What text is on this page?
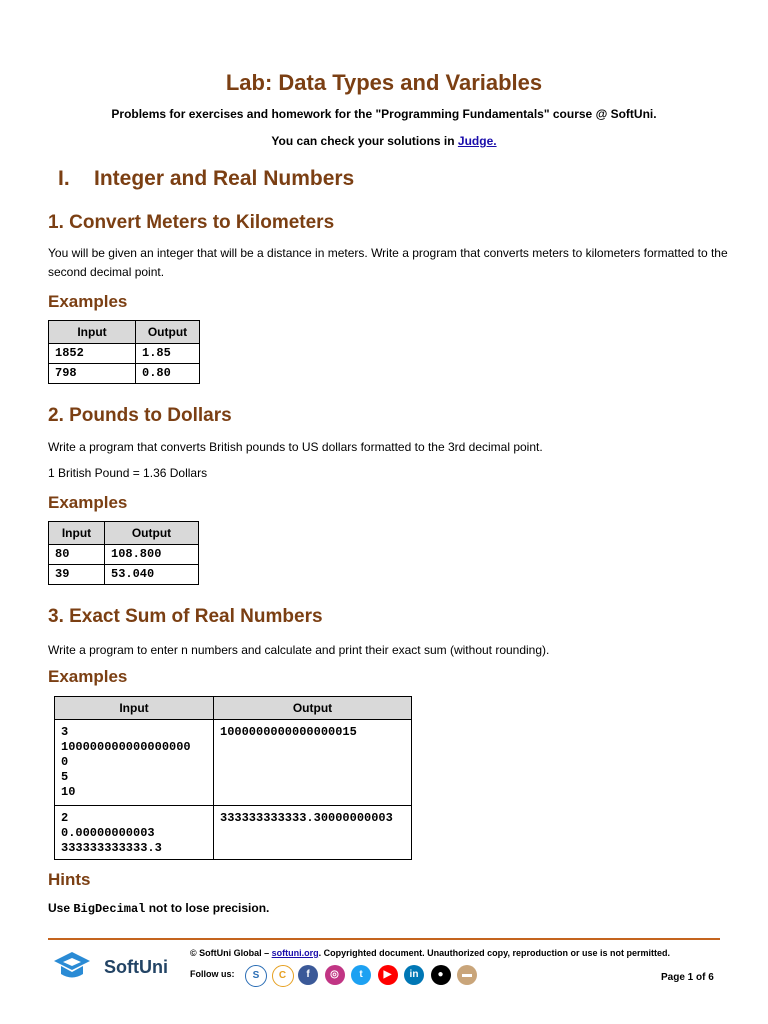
Lab: Data Types and Variables
Problems for exercises and homework for the "Programming Fundamentals" course @ SoftUni.
You can check your solutions in Judge.
I. Integer and Real Numbers
1. Convert Meters to Kilometers
You will be given an integer that will be a distance in meters. Write a program that converts meters to kilometers formatted to the second decimal point.
Examples
Input	Output
1852	1.85
798	0.80
2. Pounds to Dollars
Write a program that converts British pounds to US dollars formatted to the 3rd decimal point.
1 British Pound = 1.36 Dollars
Examples
Input	Output
80	108.800
39	53.040
3. Exact Sum of Real Numbers
Write a program to enter n numbers and calculate and print their exact sum (without rounding).
Examples
Input	Output
3
100000000000000000
0
5
10	1000000000000000015
2
0.00000000003
333333333333.3	333333333333.30000000003
Hints
Use BigDecimal not to lose precision.
SoftUni
© SoftUni Global – softuni.org. Copyrighted document. Unauthorized copy, reproduction or use is not permitted.
Follow us:	S	C	f	◎	t	▶	in	●	▬	Page 1 of 6
